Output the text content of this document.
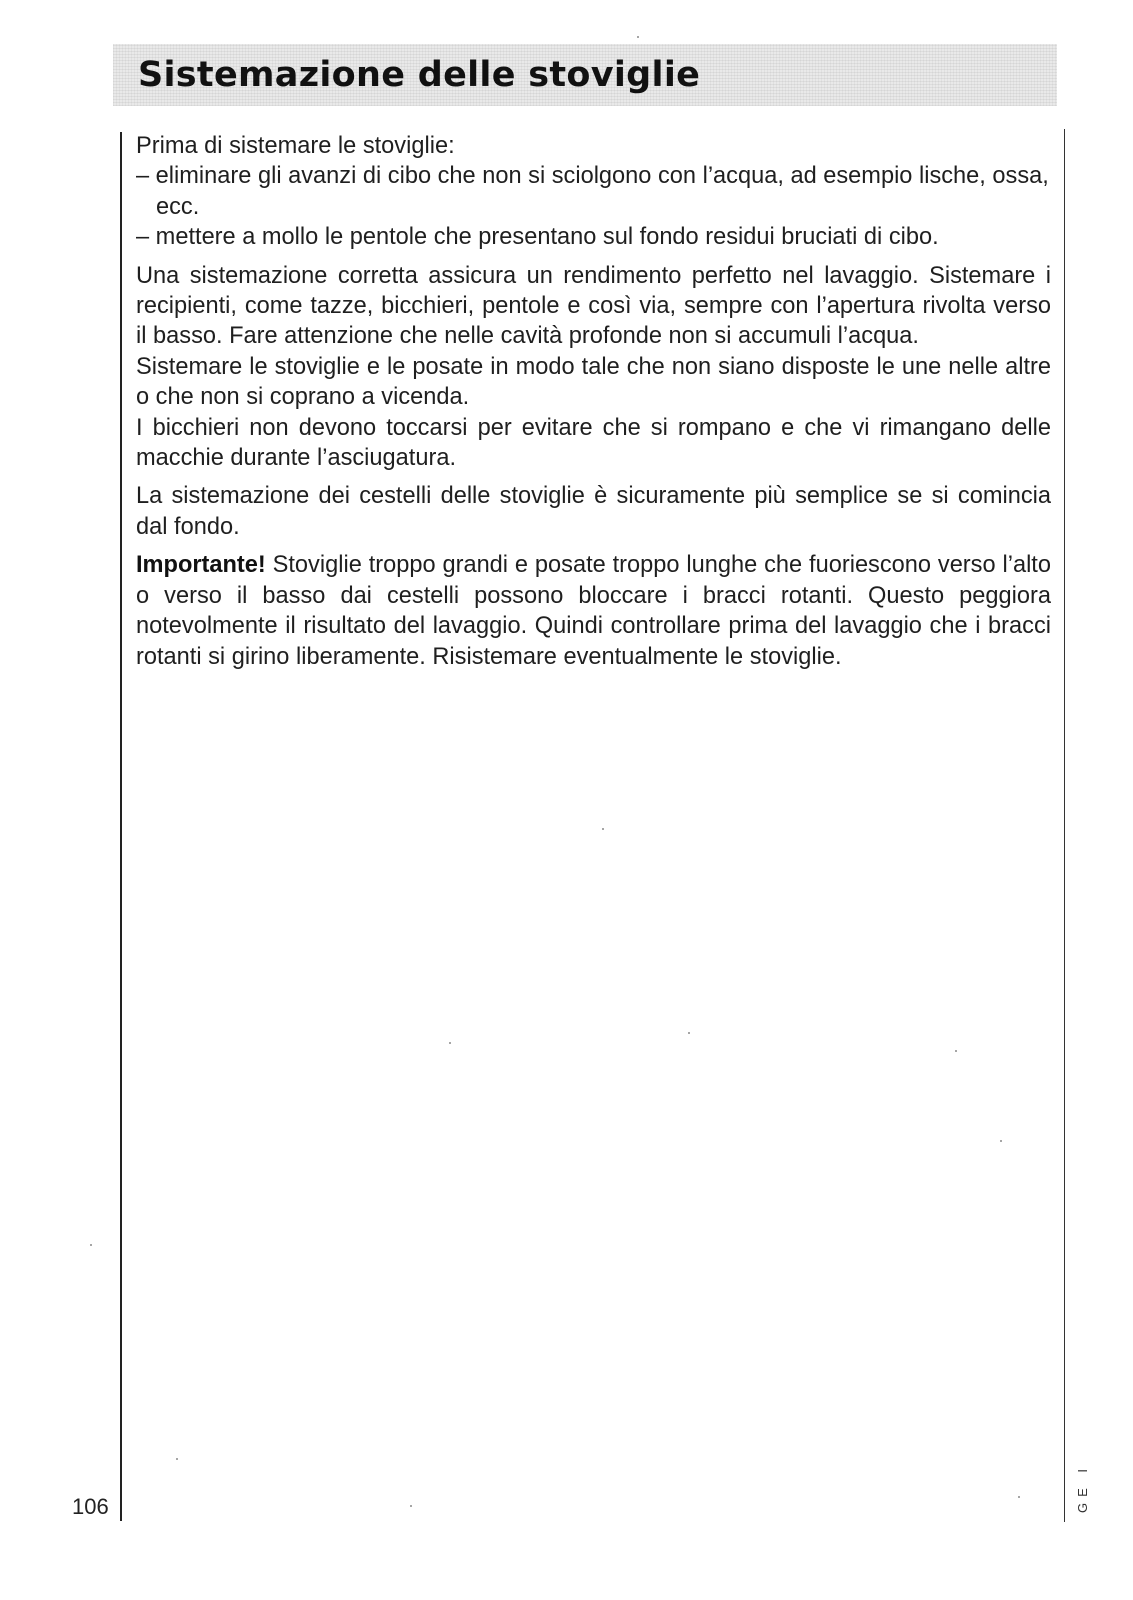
Sistemazione delle stoviglie

Prima di sistemare le stoviglie:

– eliminare gli avanzi di cibo che non si sciolgono con l’acqua, ad esempio lische, ossa, ecc.

– mettere a mollo le pentole che presentano sul fondo residui bruciati di cibo.

Una sistemazione corretta assicura un rendimento perfetto nel lavaggio. Sistemare i recipienti, come tazze, bicchieri, pentole e così via, sempre con l’apertura rivolta verso il basso. Fare attenzione che nelle cavità profonde non si accumuli l’acqua.

Sistemare le stoviglie e le posate in modo tale che non siano disposte le une nelle altre o che non si coprano a vicenda.

I bicchieri non devono toccarsi per evitare che si rompano e che vi rimangano delle macchie durante l’asciugatura.

La sistemazione dei cestelli delle stoviglie è sicuramente più semplice se si comincia dal fondo.

Importante! Stoviglie troppo grandi e posate troppo lunghe che fuoriescono verso l’alto o verso il basso dai cestelli possono bloccare i bracci rotanti. Questo peggiora notevolmente il risultato del lavaggio. Quindi controllare prima del lavaggio che i bracci rotanti si girino liberamente. Risistemare eventualmente le stoviglie.

106	GE I
